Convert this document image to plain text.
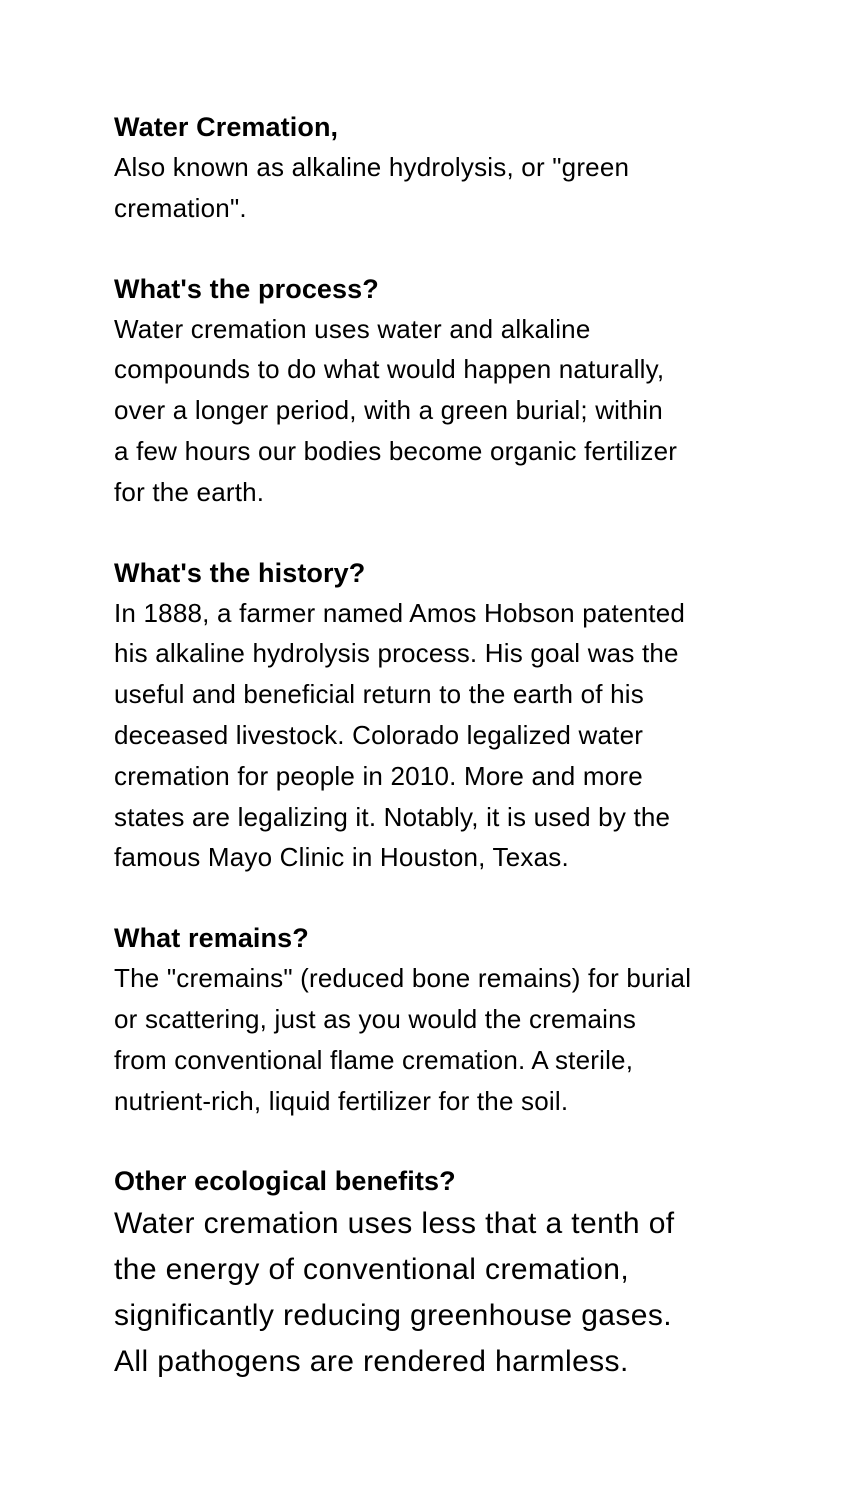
Water Cremation,

Also known as alkaline hydrolysis, or "green
cremation".

What's the process?

Water cremation uses water and alkaline
compounds to do what would happen naturally,
over a longer period, with a green burial; within
a few hours our bodies become organic fertilizer
for the earth.

What's the history?

In 1888, a farmer named Amos Hobson patented
his alkaline hydrolysis process. His goal was the
useful and beneficial return to the earth of his
deceased livestock. Colorado legalized water
cremation for people in 2010. More and more
states are legalizing it. Notably, it is used by the
famous Mayo Clinic in Houston, Texas.

What remains?

The "cremains" (reduced bone remains) for burial
or scattering, just as you would the cremains
from conventional flame cremation. A sterile,
nutrient-rich, liquid fertilizer for the soil.

Other ecological benefits?

Water cremation uses less that a tenth of
the energy of conventional cremation,
significantly reducing greenhouse gases.
All pathogens are rendered harmless.
